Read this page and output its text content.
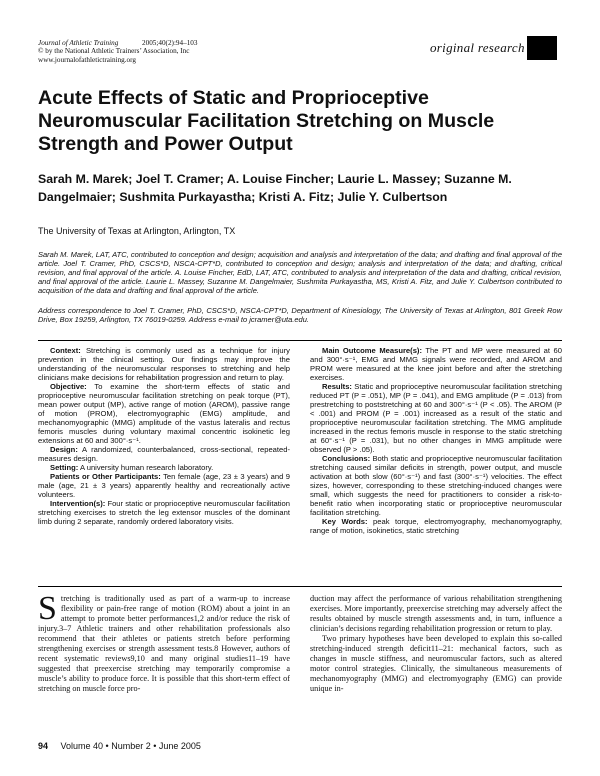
Journal of Athletic Training	2005;40(2):94–103
© by the National Athletic Trainers’ Association, Inc
www.journalofathletictraining.org
original research
Acute Effects of Static and Proprioceptive Neuromuscular Facilitation Stretching on Muscle Strength and Power Output
Sarah M. Marek; Joel T. Cramer; A. Louise Fincher; Laurie L. Massey; Suzanne M. Dangelmaier; Sushmita Purkayastha; Kristi A. Fitz; Julie Y. Culbertson
The University of Texas at Arlington, Arlington, TX
Sarah M. Marek, LAT, ATC, contributed to conception and design; acquisition and analysis and interpretation of the data; and drafting and final approval of the article. Joel T. Cramer, PhD, CSCS*D, NSCA-CPT*D, contributed to conception and design; analysis and interpretation of the data; and drafting, critical revision, and final approval of the article. A. Louise Fincher, EdD, LAT, ATC, contributed to analysis and interpretation of the data and drafting, critical revision, and final approval of the article. Laurie L. Massey, Suzanne M. Dangelmaier, Sushmita Purkayastha, MS, Kristi A. Fitz, and Julie Y. Culbertson contributed to acquisition of the data and drafting and final approval of the article.
Address correspondence to Joel T. Cramer, PhD, CSCS*D, NSCA-CPT*D, Department of Kinesiology, The University of Texas at Arlington, 801 Greek Row Drive, Box 19259, Arlington, TX 76019-0259. Address e-mail to jcramer@uta.edu.

Context: Stretching is commonly used as a technique for injury prevention in the clinical setting. Our findings may improve the understanding of the neuromuscular responses to stretching and help clinicians make decisions for rehabilitation progression and return to play.

Objective: To examine the short-term effects of static and proprioceptive neuromuscular facilitation stretching on peak torque (PT), mean power output (MP), active range of motion (AROM), passive range of motion (PROM), electromyographic (EMG) amplitude, and mechanomyographic (MMG) amplitude of the vastus lateralis and rectus femoris muscles during voluntary maximal concentric isokinetic leg extensions at 60 and 300°·s⁻¹.

Design: A randomized, counterbalanced, cross-sectional, repeated-measures design.

Setting: A university human research laboratory.

Patients or Other Participants: Ten female (age, 23 ± 3 years) and 9 male (age, 21 ± 3 years) apparently healthy and recreationally active volunteers.

Intervention(s): Four static or proprioceptive neuromuscular facilitation stretching exercises to stretch the leg extensor muscles of the dominant limb during 2 separate, randomly ordered laboratory visits.

Main Outcome Measure(s): The PT and MP were measured at 60 and 300°·s⁻¹, EMG and MMG signals were recorded, and AROM and PROM were measured at the knee joint before and after the stretching exercises.

Results: Static and proprioceptive neuromuscular facilitation stretching reduced PT (P = .051), MP (P = .041), and EMG amplitude (P = .013) from prestretching to poststretching at 60 and 300°·s⁻¹ (P < .05). The AROM (P < .001) and PROM (P = .001) increased as a result of the static and proprioceptive neuromuscular facilitation stretching. The MMG amplitude increased in the rectus femoris muscle in response to the static stretching at 60°·s⁻¹ (P = .031), but no other changes in MMG amplitude were observed (P > .05).

Conclusions: Both static and proprioceptive neuromuscular facilitation stretching caused similar deficits in strength, power output, and muscle activation at both slow (60°·s⁻¹) and fast (300°·s⁻¹) velocities. The effect sizes, however, corresponding to these stretching-induced changes were small, which suggests the need for practitioners to consider a risk-to-benefit ratio when incorporating static or proprioceptive neuromuscular facilitation stretching.

Key Words: peak torque, electromyography, mechanomyography, range of motion, isokinetics, static stretching

Stretching is traditionally used as part of a warm-up to increase flexibility or pain-free range of motion (ROM) about a joint in an attempt to promote better performances1,2 and/or reduce the risk of injury.3–7 Athletic trainers and other rehabilitation professionals also recommend that their athletes or patients stretch before performing strengthening exercises or strength assessment tests.8 However, authors of recent systematic reviews9,10 and many original studies11–19 have suggested that preexercise stretching may temporarily compromise a muscle’s ability to produce force. It is possible that this short-term effect of stretching on muscle force pro-

duction may affect the performance of various rehabilitation strengthening exercises. More importantly, preexercise stretching may adversely affect the results obtained by muscle strength assessments and, in turn, influence a clinician’s decisions regarding rehabilitation progression or return to play.

Two primary hypotheses have been developed to explain this so-called stretching-induced strength deficit11–21: mechanical factors, such as changes in muscle stiffness, and neuromuscular factors, such as altered motor control strategies. Clinically, the simultaneous measurements of mechanomyography (MMG) and electromyography (EMG) can provide unique in-

94 Volume 40 • Number 2 • June 2005
